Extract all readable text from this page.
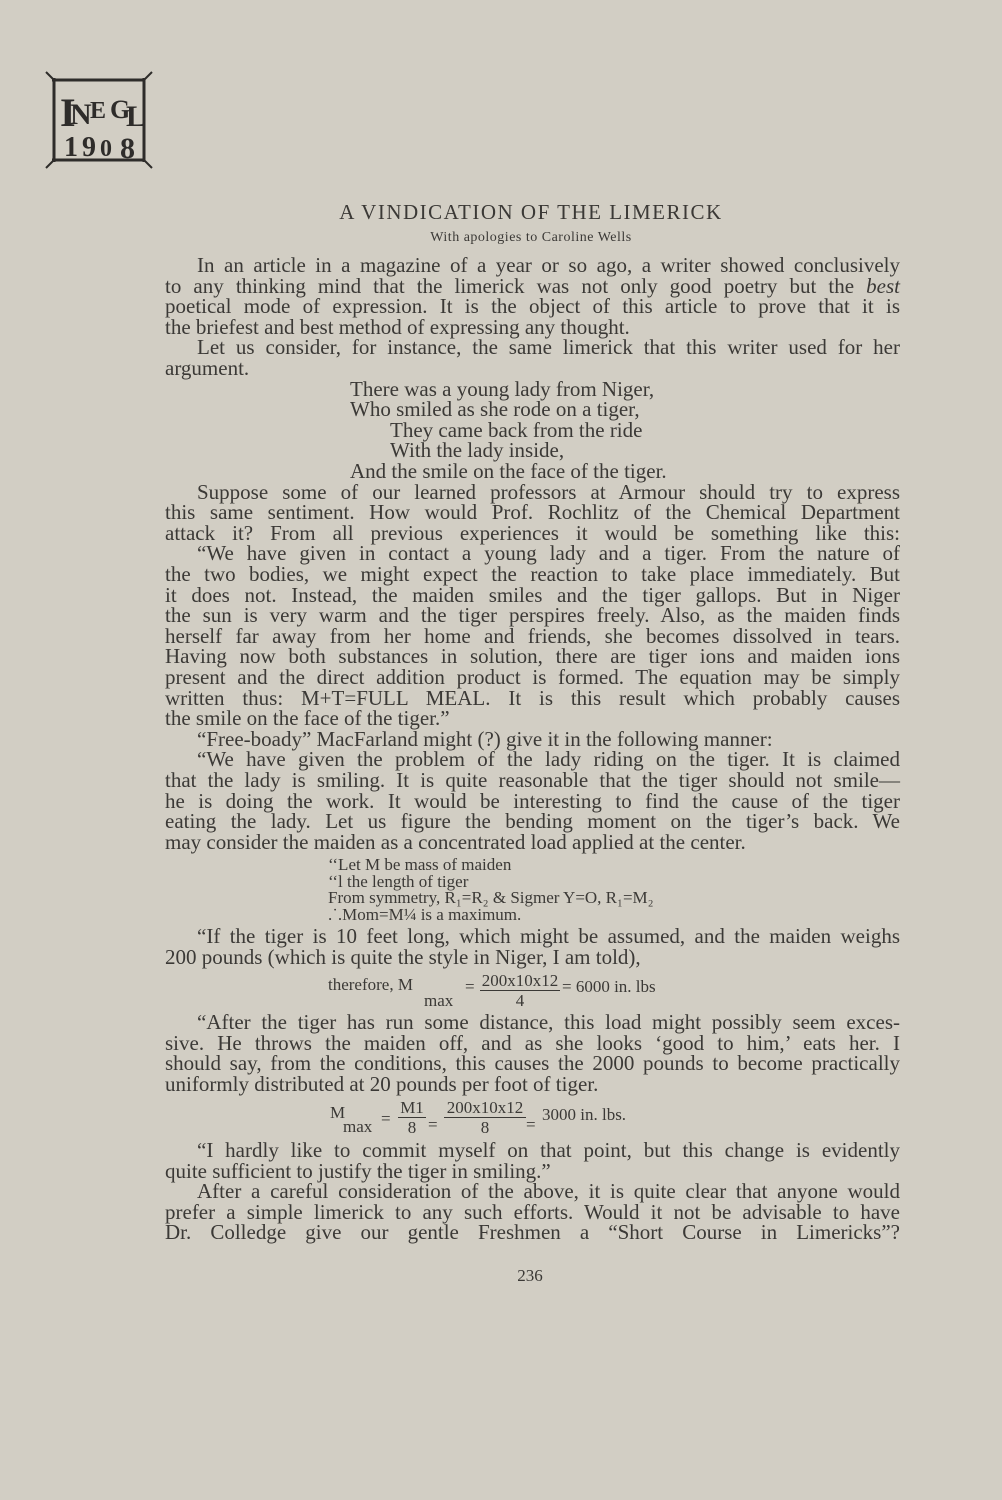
I
N
E G
L
1 9 0 8
A VINDICATION OF THE LIMERICK
With apologies to Caroline Wells
In an article in a magazine of a year or so ago, a writer showed conclusively
to any thinking mind that the limerick was not only good poetry but the best
poetical mode of expression. It is the object of this article to prove that it is
the briefest and best method of expressing any thought.
Let us consider, for instance, the same limerick that this writer used for her
argument.
There was a young lady from Niger,
Who smiled as she rode on a tiger,
They came back from the ride
With the lady inside,
And the smile on the face of the tiger.
Suppose some of our learned professors at Armour should try to express
this same sentiment. How would Prof. Rochlitz of the Chemical Department
attack it? From all previous experiences it would be something like this:
“We have given in contact a young lady and a tiger. From the nature of
the two bodies, we might expect the reaction to take place immediately. But
it does not. Instead, the maiden smiles and the tiger gallops. But in Niger
the sun is very warm and the tiger perspires freely. Also, as the maiden finds
herself far away from her home and friends, she becomes dissolved in tears.
Having now both substances in solution, there are tiger ions and maiden ions
present and the direct addition product is formed. The equation may be simply
written thus: M+T=FULL MEAL. It is this result which probably causes
the smile on the face of the tiger.”
“Free-boady” MacFarland might (?) give it in the following manner:
“We have given the problem of the lady riding on the tiger. It is claimed
that the lady is smiling. It is quite reasonable that the tiger should not smile—
he is doing the work. It would be interesting to find the cause of the tiger
eating the lady. Let us figure the bending moment on the tiger’s back. We
may consider the maiden as a concentrated load applied at the center.
‘‘Let M be mass of maiden
‘‘l the length of tiger
From symmetry, R₁=R₂ & Sigmer Y=O, R₁=M₂
.˙.Mom=M¼ is a maximum.
“If the tiger is 10 feet long, which might be assumed, and the maiden weighs
200 pounds (which is quite the style in Niger, I am told),
“After the tiger has run some distance, this load might possibly seem exces-
sive. He throws the maiden off, and as she looks ‘good to him,’ eats her. I
should say, from the conditions, this causes the 2000 pounds to become practically
uniformly distributed at 20 pounds per foot of tiger.
“I hardly like to commit myself on that point, but this change is evidently
quite sufficient to justify the tiger in smiling.”
After a careful consideration of the above, it is quite clear that anyone would
prefer a simple limerick to any such efforts. Would it not be advisable to have
Dr. Colledge give our gentle Freshmen a “Short Course in Limericks”?
therefore, M
max
= $\frac{200x10x12}{4} = 6000$ in. lbs
M
$\max = \frac{M1}{8} = \frac{200x10x12}{8}$ =
3000 in. lbs.
236
